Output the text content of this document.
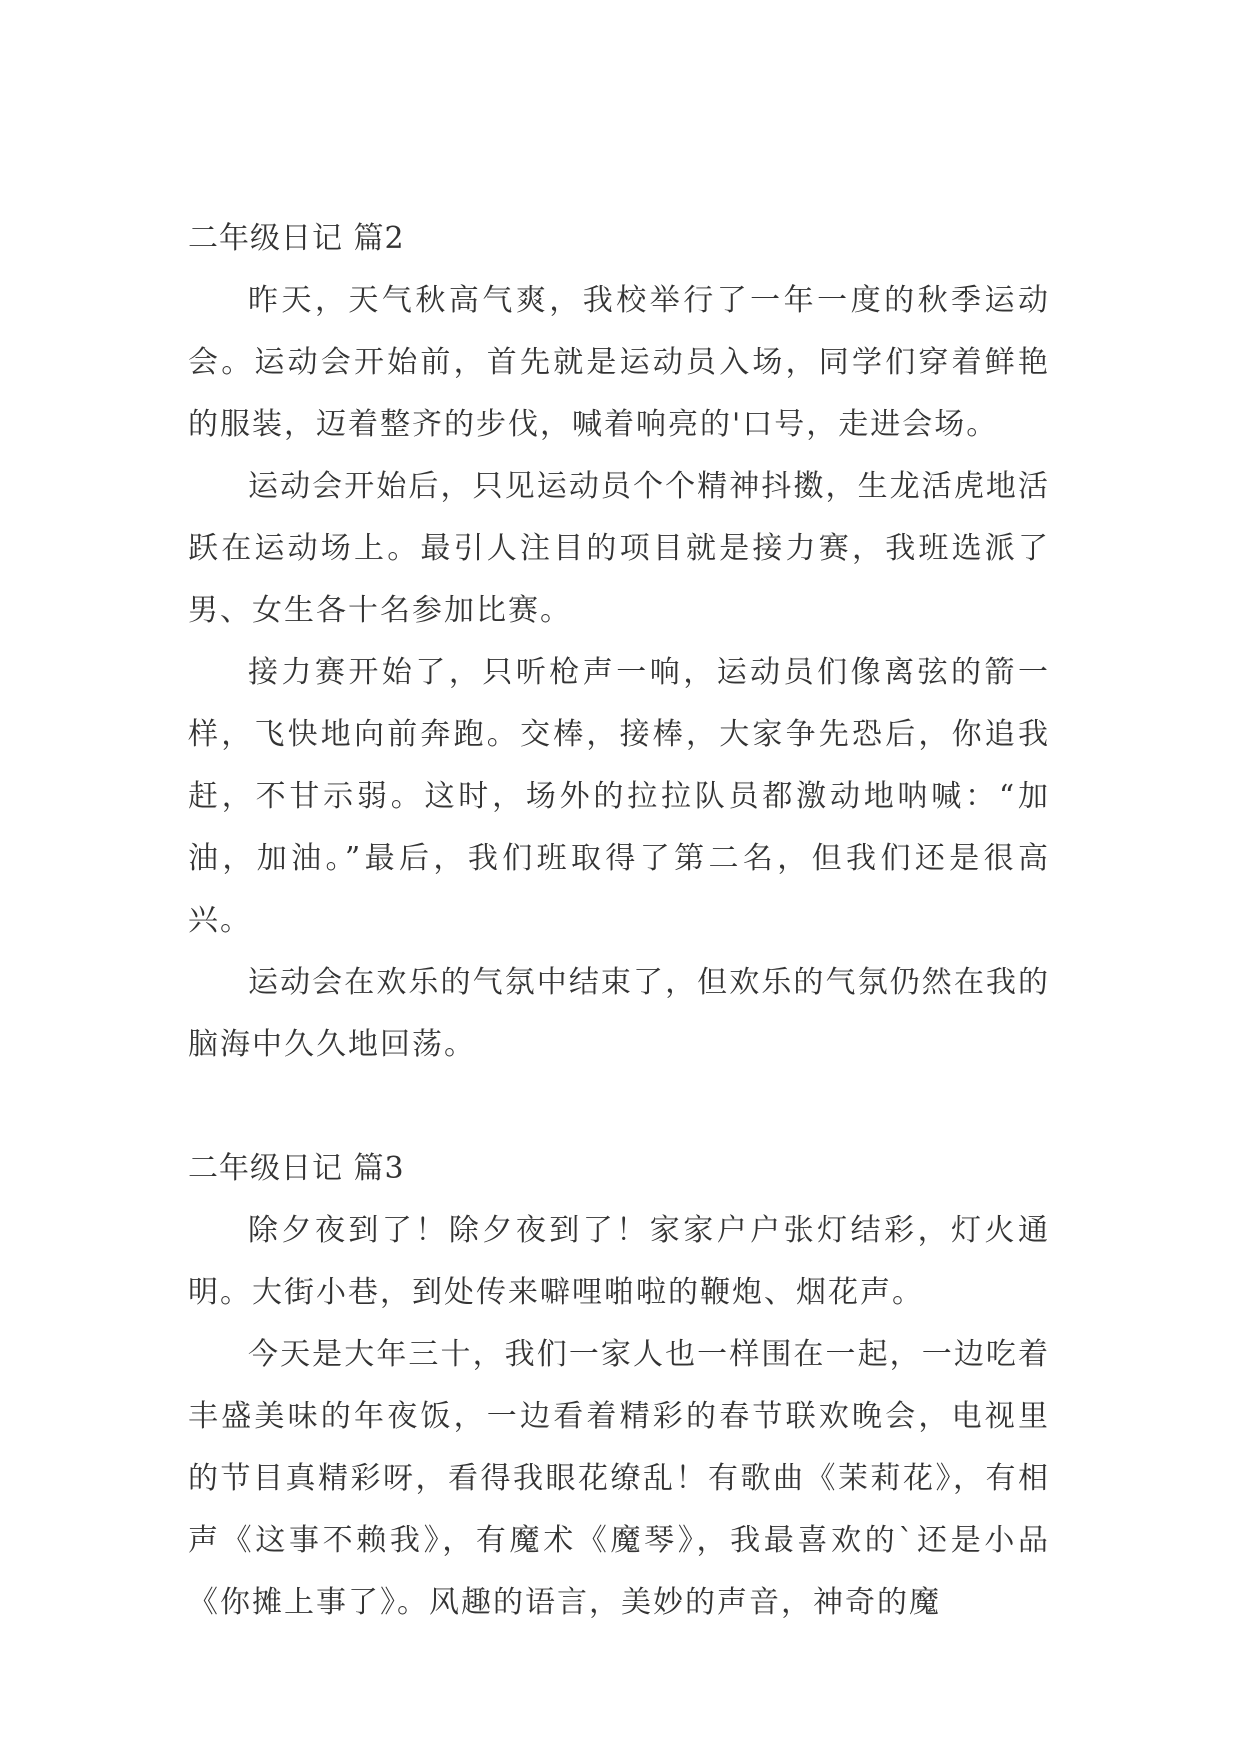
二年级日记 篇2

昨天，天气秋高气爽，我校举行了一年一度的秋季运动会。运动会开始前，首先就是运动员入场，同学们穿着鲜艳的服装，迈着整齐的步伐，喊着响亮的'口号，走进会场。

运动会开始后，只见运动员个个精神抖擞，生龙活虎地活跃在运动场上。最引人注目的项目就是接力赛，我班选派了男、女生各十名参加比赛。

接力赛开始了，只听枪声一响，运动员们像离弦的箭一样，飞快地向前奔跑。交棒，接棒，大家争先恐后，你追我赶，不甘示弱。这时，场外的拉拉队员都激动地呐喊：“加油，加油。”最后，我们班取得了第二名，但我们还是很高兴。

运动会在欢乐的气氛中结束了，但欢乐的气氛仍然在我的脑海中久久地回荡。

二年级日记 篇3

除夕夜到了！除夕夜到了！家家户户张灯结彩，灯火通明。大街小巷，到处传来噼哩啪啦的鞭炮、烟花声。

今天是大年三十，我们一家人也一样围在一起，一边吃着丰盛美味的年夜饭，一边看着精彩的春节联欢晚会，电视里的节目真精彩呀，看得我眼花缭乱！有歌曲《茉莉花》，有相声《这事不赖我》，有魔术《魔琴》，我最喜欢的`还是小品《你摊上事了》。风趣的语言，美妙的声音，神奇的魔
